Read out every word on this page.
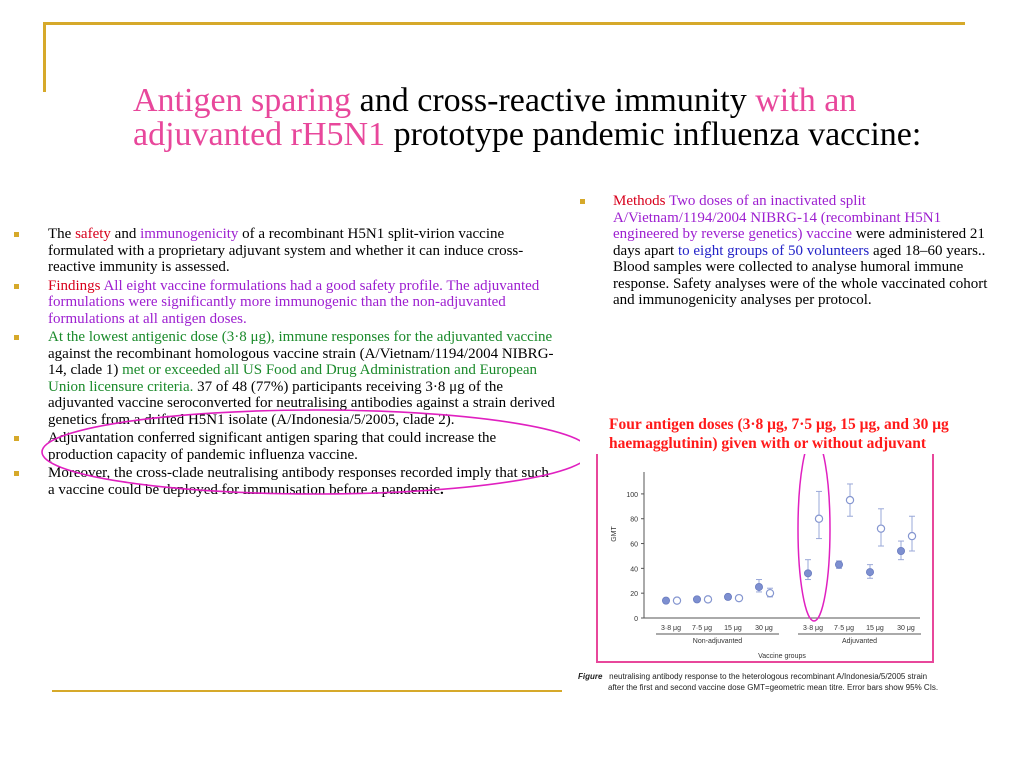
Antigen sparing and cross-reactive immunity with an adjuvanted rH5N1 prototype pandemic influenza vaccine:
The safety and immunogenicity of a recombinant H5N1 split-virion vaccine formulated with a proprietary adjuvant system and whether it can induce cross-reactive immunity is assessed.
Findings All eight vaccine formulations had a good safety profile. The adjuvanted formulations were significantly more immunogenic than the non-adjuvanted formulations at all antigen doses.
At the lowest antigenic dose (3·8 μg), immune responses for the adjuvanted vaccine against the recombinant homologous vaccine strain (A/Vietnam/1194/2004 NIBRG-14, clade 1) met or exceeded all US Food and Drug Administration and European Union licensure criteria. 37 of 48 (77%) participants receiving 3·8 μg of the adjuvanted vaccine seroconverted for neutralising antibodies against a strain derived genetics from a drifted H5N1 isolate (A/Indonesia/5/2005, clade 2).
Adjuvantation conferred significant antigen sparing that could increase the production capacity of pandemic influenza vaccine.
Moreover, the cross-clade neutralising antibody responses recorded imply that such a vaccine could be deployed for immunisation before a pandemic.
Methods Two doses of an inactivated split A/Vietnam/1194/2004 NIBRG-14 (recombinant H5N1 engineered by reverse genetics) vaccine were administered 21 days apart to eight groups of 50 volunteers aged 18–60 years.. Blood samples were collected to analyse humoral immune response. Safety analyses were of the whole vaccinated cohort and immunogenicity analyses per protocol.
Four antigen doses (3·8 μg, 7·5 μg, 15 μg, and 30 μg haemagglutinin) given with or without adjuvant
0
20
40
60
80
100
GMT
3·8 μg 7·5 μg 15 μg 30 μg	3·8 μg 7·5 μg 15 μg 30 μg
Non-adjuvanted	Adjuvanted
Vaccine groups
Figure   neutralising antibody response to the heterologous recombinant A/Indonesia/5/2005 strain
after the first and second vaccine dose GMT=geometric mean titre. Error bars show 95% CIs.
